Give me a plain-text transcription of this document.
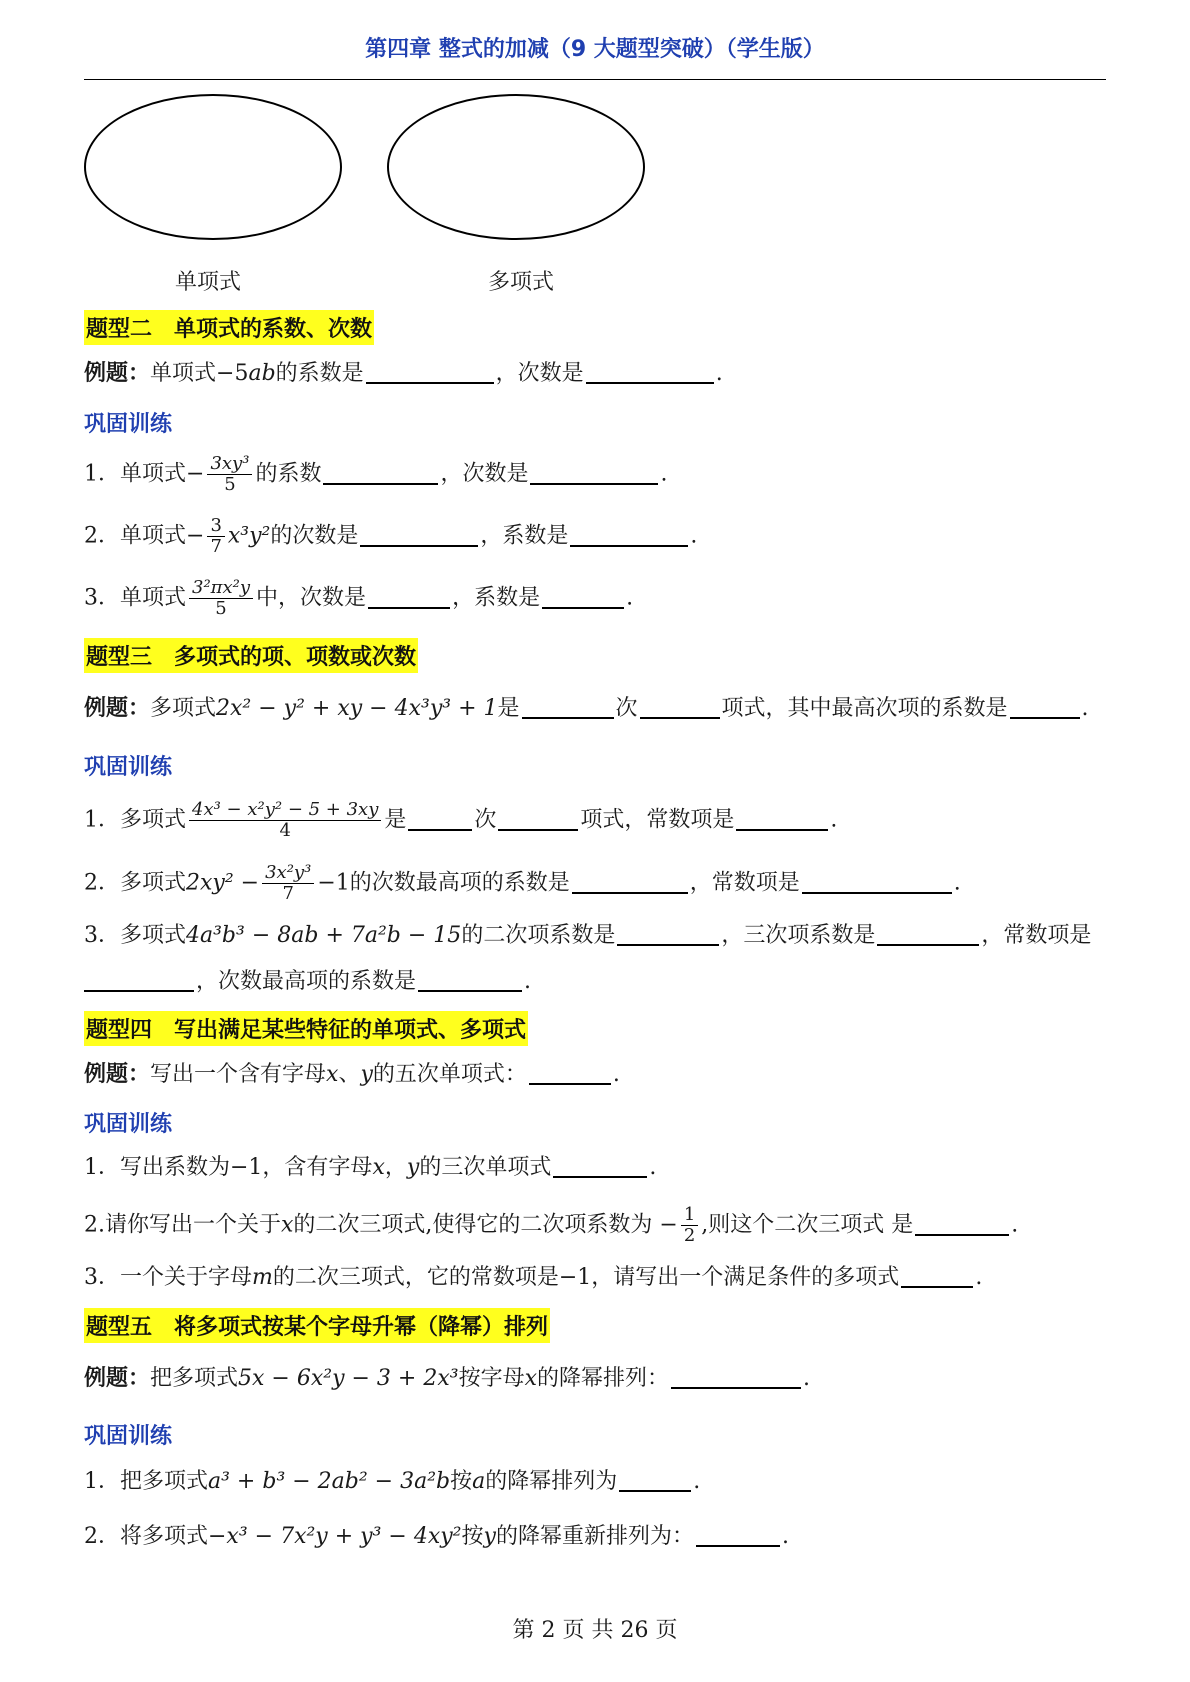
第四章 整式的加减（9 大题型突破）（学生版）
单项式	多项式
题型二　单项式的系数、次数
例题：单项式−5ab的系数是	，次数是	.
巩固训练
1．单项式− $\frac{\text{3xy³}}{5}$ 的系数	，次数是	.
2．单项式− $\frac{3}{7} x^3y^2$的次数是	，系数是	.
3．单项式 $\frac{\text{3²πx²y}}{5}$ 中，次数是	，系数是	.
题型三　多项式的项、项数或次数
例题：多项式2x² − y² + xy − 4x³y³ + 1是	次	项式，其中最高次项的系数是	.
巩固训练
1．多项式 $\frac{\text{4x³ − x²y² − 5 + 3xy}}{4}$ 是	次	项式，常数项是	.
2．多项式$2xy^2 - \frac{\text{3x²y³}}{7} -1$的次数最高项的系数是	，常数项是	.
3．多项式4a³b³ − 8ab + 7a²b − 15的二次项系数是	，三次项系数是	，常数项是
，次数最高项的系数是	.
题型四　写出满足某些特征的单项式、多项式
例题：写出一个含有字母x、y的五次单项式：	.
巩固训练
1．写出系数为−1，含有字母x，y的三次单项式	.
2.请你写出一个关于x的二次三项式,使得它的二次项系数为 − $\frac{1}{2}$ ,则这个二次三项式 是	.
3．一个关于字母m的二次三项式，它的常数项是−1，请写出一个满足条件的多项式	.
题型五　将多项式按某个字母升幂（降幂）排列
例题：把多项式5x − 6x²y − 3 + 2x³按字母x的降幂排列：	.
巩固训练
1．把多项式a³ + b³ − 2ab² − 3a²b按a的降幂排列为	.
2．将多项式−x³ − 7x²y + y³ − 4xy²按y的降幂重新排列为：	.
第 2 页 共 26 页
